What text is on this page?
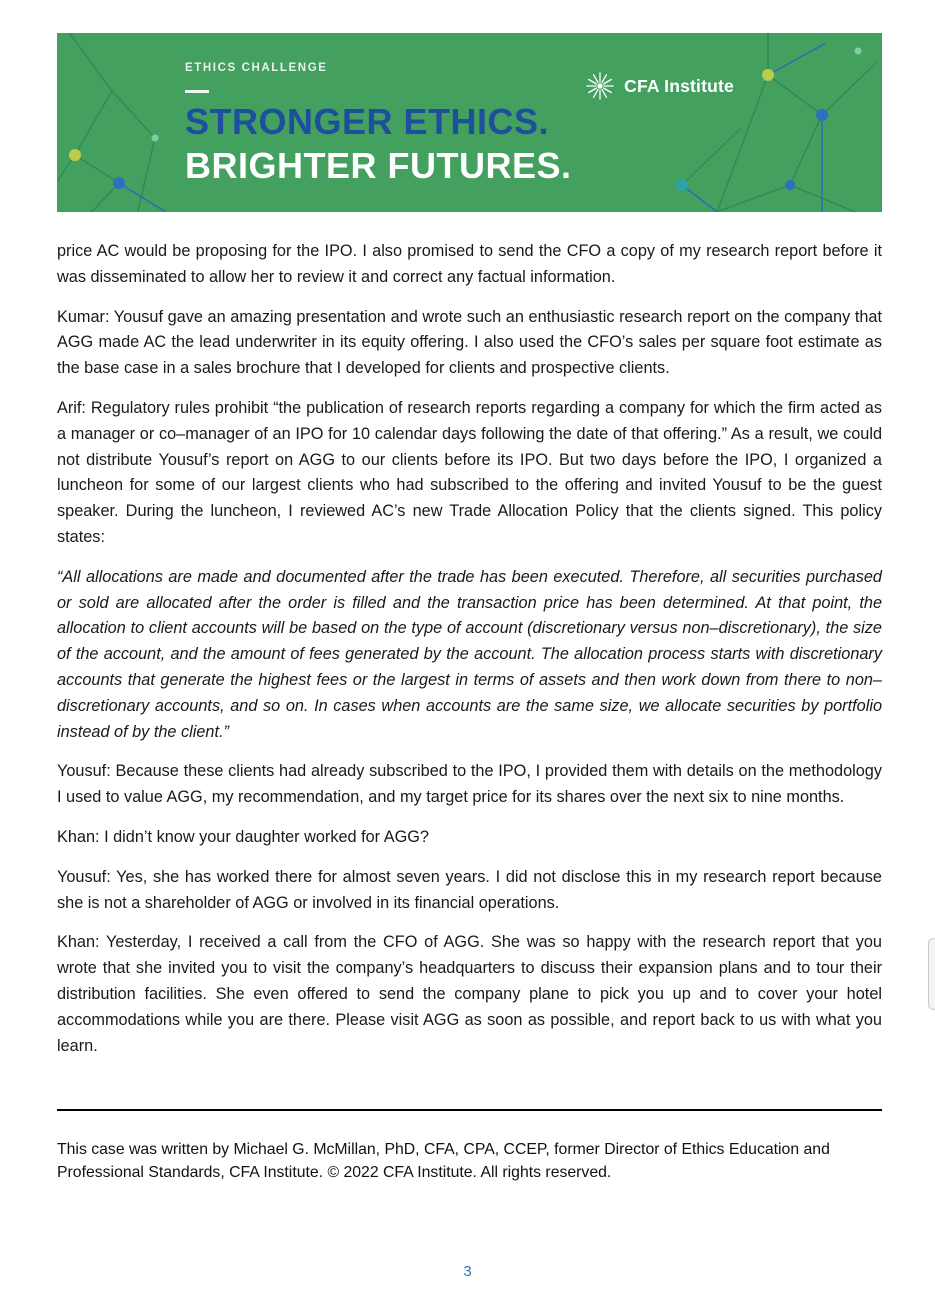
ETHICS CHALLENGE
STRONGER ETHICS.
BRIGHTER FUTURES.
CFA Institute

price AC would be proposing for the IPO. I also promised to send the CFO a copy of my research report before it was disseminated to allow her to review it and correct any factual information.

Kumar: Yousuf gave an amazing presentation and wrote such an enthusiastic research report on the company that AGG made AC the lead underwriter in its equity offering. I also used the CFO’s sales per square foot estimate as the base case in a sales brochure that I developed for clients and prospective clients.

Arif: Regulatory rules prohibit “the publication of research reports regarding a company for which the firm acted as a manager or co–manager of an IPO for 10 calendar days following the date of that offering.” As a result, we could not distribute Yousuf’s report on AGG to our clients before its IPO. But two days before the IPO, I organized a luncheon for some of our largest clients who had subscribed to the offering and invited Yousuf to be the guest speaker. During the luncheon, I reviewed AC’s new Trade Allocation Policy that the clients signed. This policy states:

“All allocations are made and documented after the trade has been executed. Therefore, all securities purchased or sold are allocated after the order is filled and the transaction price has been determined. At that point, the allocation to client accounts will be based on the type of account (discretionary versus non–discretionary), the size of the account, and the amount of fees generated by the account. The allocation process starts with discretionary accounts that generate the highest fees or the largest in terms of assets and then work down from there to non–discretionary accounts, and so on. In cases when accounts are the same size, we allocate securities by portfolio instead of by the client.”

Yousuf: Because these clients had already subscribed to the IPO, I provided them with details on the methodology I used to value AGG, my recommendation, and my target price for its shares over the next six to nine months.

Khan: I didn’t know your daughter worked for AGG?

Yousuf: Yes, she has worked there for almost seven years. I did not disclose this in my research report because she is not a shareholder of AGG or involved in its financial operations.

Khan: Yesterday, I received a call from the CFO of AGG. She was so happy with the research report that you wrote that she invited you to visit the company’s headquarters to discuss their expansion plans and to tour their distribution facilities. She even offered to send the company plane to pick you up and to cover your hotel accommodations while you are there. Please visit AGG as soon as possible, and report back to us with what you learn.

This case was written by Michael G. McMillan, PhD, CFA, CPA, CCEP, former Director of Ethics Education and Professional Standards, CFA Institute. © 2022 CFA Institute. All rights reserved.

3
